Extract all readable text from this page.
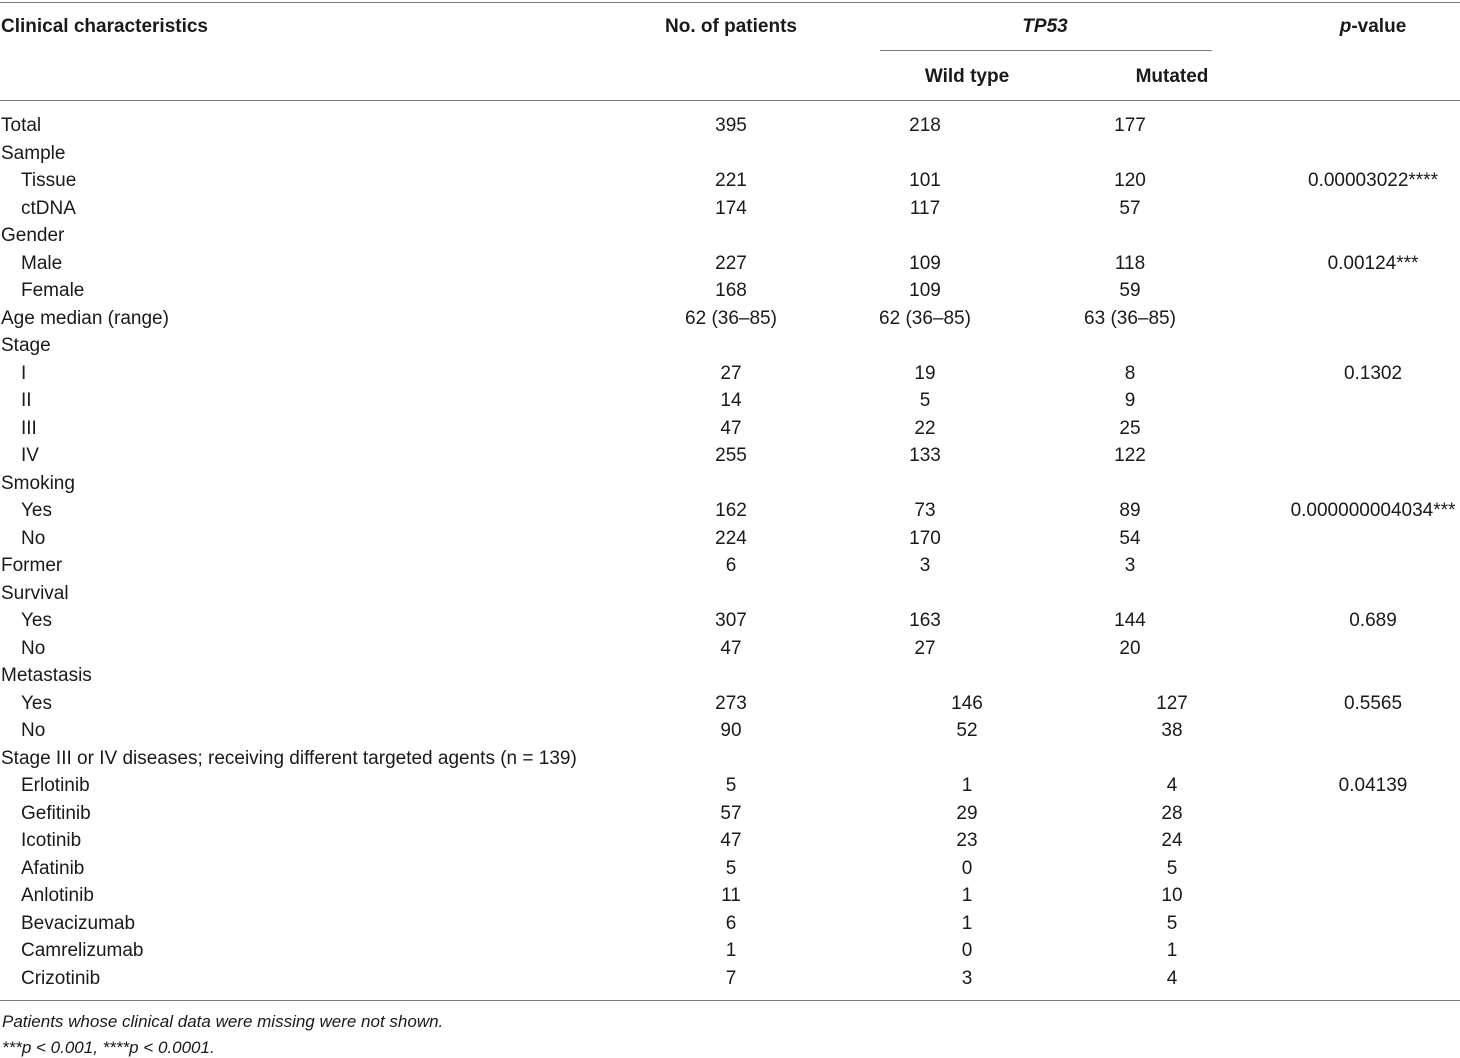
Clinical characteristics	No. of patients	TP53	p-value
Wild type	Mutated
Total	395	218	177
Sample
Tissue	221	101	120	0.00003022****
ctDNA	174	117	57
Gender
Male	227	109	118	0.00124***
Female	168	109	59
Age median (range)	62 (36–85)	62 (36–85)	63 (36–85)
Stage
I	27	19	8	0.1302
II	14	5	9
III	47	22	25
IV	255	133	122
Smoking
Yes	162	73	89	0.000000004034***
No	224	170	54
Former	6	3	3
Survival
Yes	307	163	144	0.689
No	47	27	20
Metastasis
Yes	273	146	127	0.5565
No	90	52	38
Stage III or IV diseases; receiving different targeted agents (n = 139)
Erlotinib	5	1	4	0.04139
Gefitinib	57	29	28
Icotinib	47	23	24
Afatinib	5	0	5
Anlotinib	11	1	10
Bevacizumab	6	1	5
Camrelizumab	1	0	1
Crizotinib	7	3	4
Patients whose clinical data were missing were not shown.
***p < 0.001, ****p < 0.0001.
